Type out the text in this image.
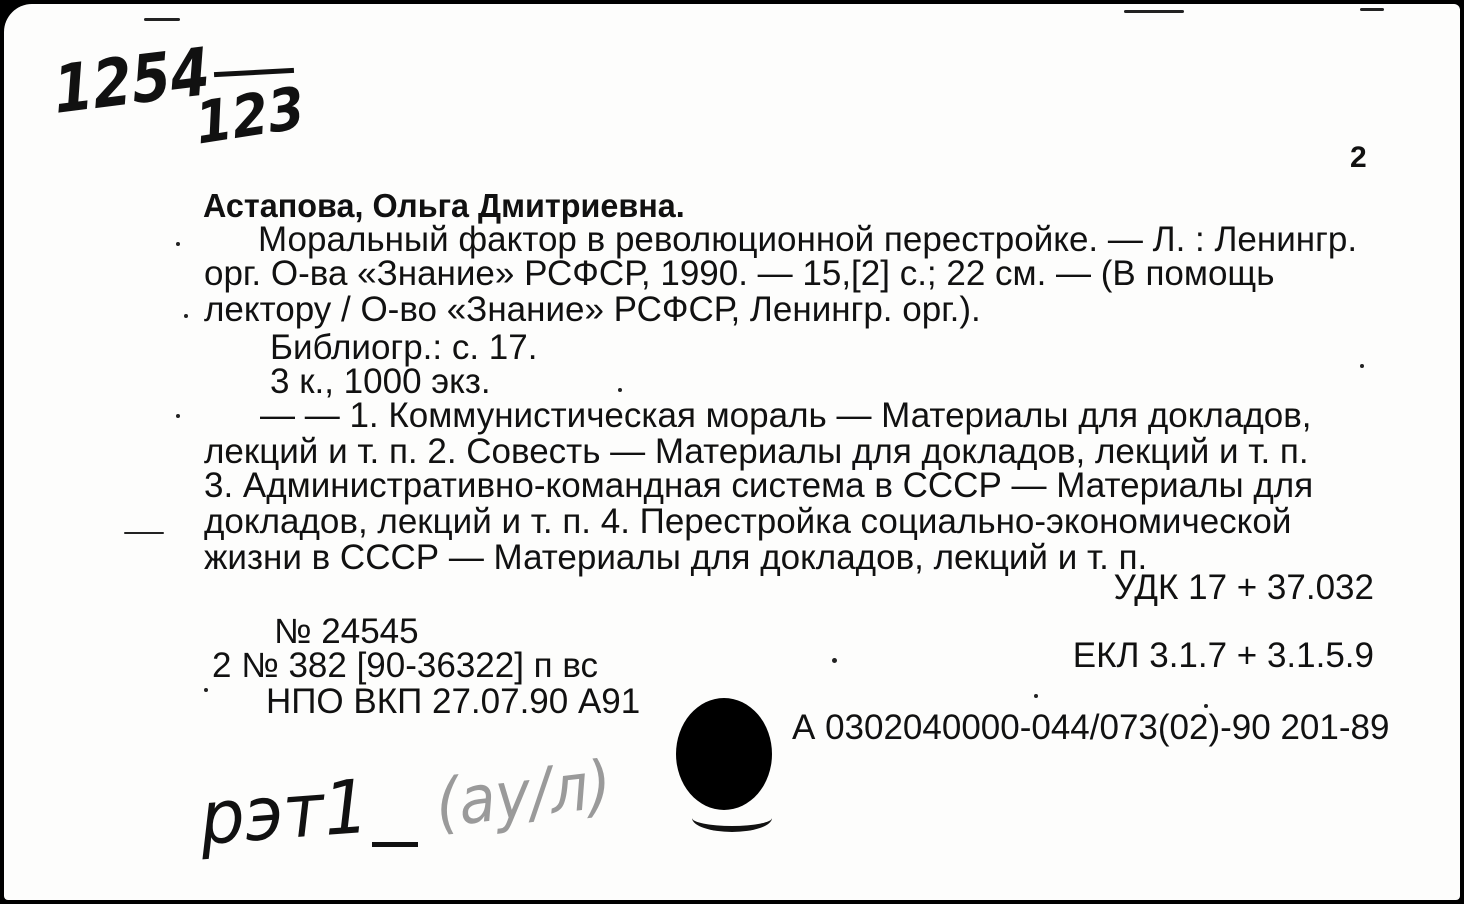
1254
123	2

Астапова, Ольга Дмитриевна.

Моральный фактор в революционной перестройке. — Л. : Ленингр.

орг. О-ва «Знание» РСФСР, 1990. — 15,[2] с.; 22 см. — (В помощь

лектору / О-во «Знание» РСФСР, Ленингр. орг.).

Библиогр.: с. 17.

3 к., 1000 экз.

— — 1. Коммунистическая мораль — Материалы для докладов,

лекций и т. п. 2. Совесть — Материалы для докладов, лекций и т. п.

3. Административно-командная система в СССР — Материалы для

докладов, лекций и т. п. 4. Перестройка социально-экономической

жизни в СССР — Материалы для докладов, лекций и т. п.

УДК 17 + 37.032

ЕКЛ 3.1.7 + 3.1.5.9

№ 24545

2 № 382 [90-36322] п вс

НПО ВКП 27.07.90 А91

А 0302040000-044/073(02)-90 201-89

рэт1 (ау/л)
